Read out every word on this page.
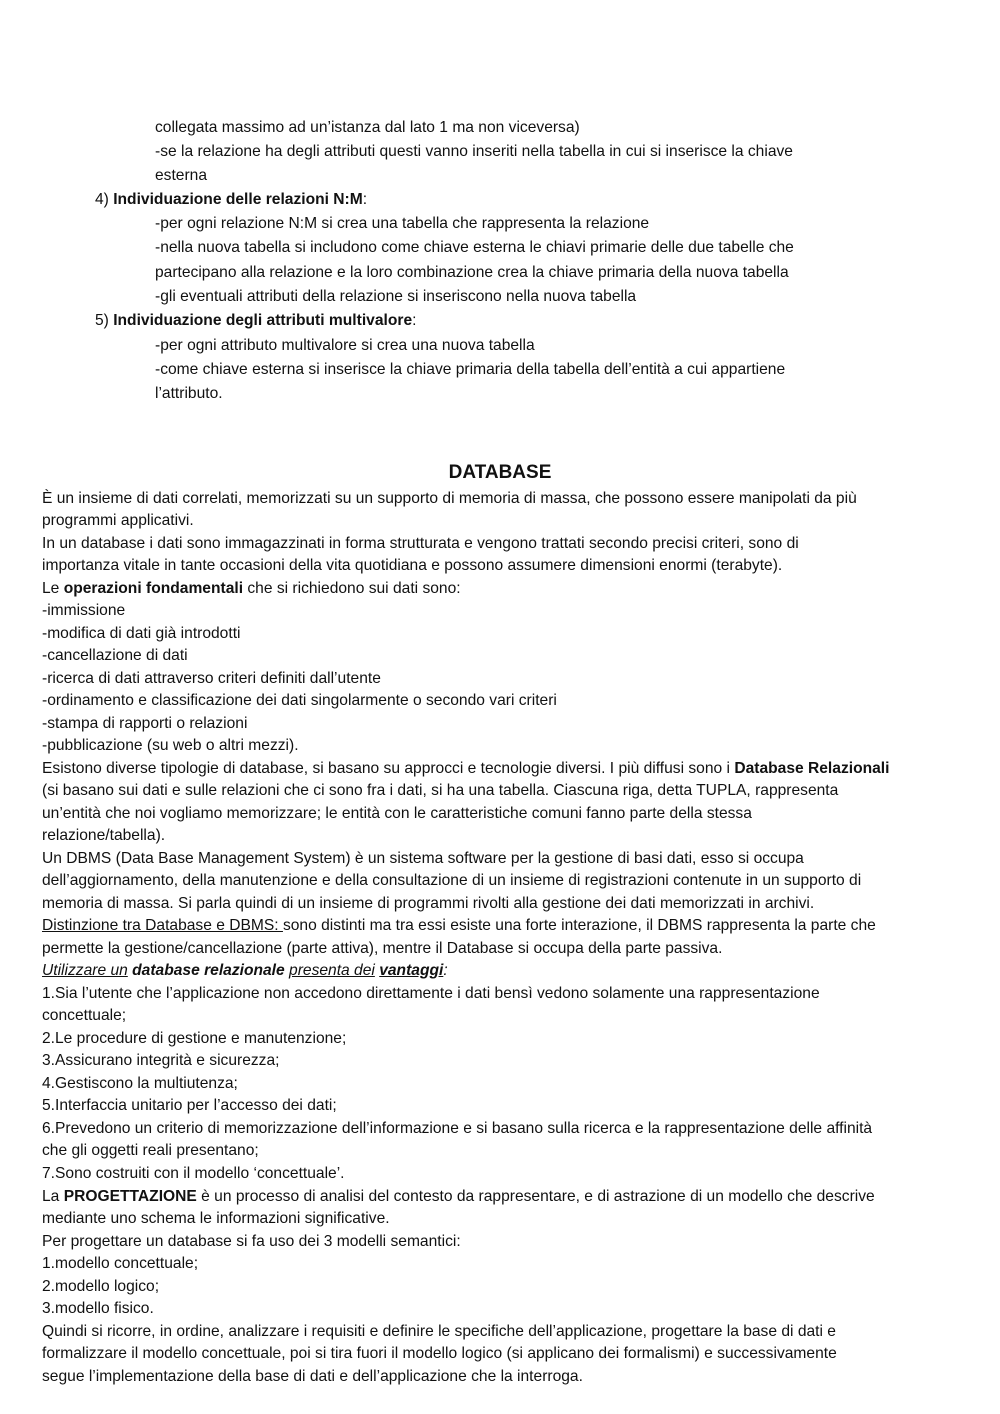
collegata massimo ad un’istanza dal lato 1 ma non viceversa)
-se la relazione ha degli attributi questi vanno inseriti nella tabella in cui si inserisce la chiave
esterna
4) Individuazione delle relazioni N:M:
-per ogni relazione N:M si crea una tabella che rappresenta la relazione
-nella nuova tabella si includono come chiave esterna le chiavi primarie delle due tabelle che
partecipano alla relazione e la loro combinazione crea la chiave primaria della nuova tabella
-gli eventuali attributi della relazione si inseriscono nella nuova tabella
5) Individuazione degli attributi multivalore:
-per ogni attributo multivalore si crea una nuova tabella
-come chiave esterna si inserisce la chiave primaria della tabella dell’entità a cui appartiene
l’attributo.
DATABASE
È un insieme di dati correlati, memorizzati su un supporto di memoria di massa, che possono essere manipolati da più
programmi applicativi.
In un database i dati sono immagazzinati in forma strutturata e vengono trattati secondo precisi criteri, sono di
importanza vitale in tante occasioni della vita quotidiana e possono assumere dimensioni enormi (terabyte).
Le operazioni fondamentali che si richiedono sui dati sono:
-immissione
-modifica di dati già introdotti
-cancellazione di dati
-ricerca di dati attraverso criteri definiti dall’utente
-ordinamento e classificazione dei dati singolarmente o secondo vari criteri
-stampa di rapporti o relazioni
-pubblicazione (su web o altri mezzi).
Esistono diverse tipologie di database, si basano su approcci e tecnologie diversi. I più diffusi sono i Database Relazionali
(si basano sui dati e sulle relazioni che ci sono fra i dati, si ha una tabella. Ciascuna riga, detta TUPLA, rappresenta
un’entità che noi vogliamo memorizzare; le entità con le caratteristiche comuni fanno parte della stessa
relazione/tabella).
Un DBMS (Data Base Management System) è un sistema software per la gestione di basi dati, esso si occupa
dell’aggiornamento, della manutenzione e della consultazione di un insieme di registrazioni contenute in un supporto di
memoria di massa. Si parla quindi di un insieme di programmi rivolti alla gestione dei dati memorizzati in archivi.
Distinzione tra Database e DBMS: sono distinti ma tra essi esiste una forte interazione, il DBMS rappresenta la parte che
permette la gestione/cancellazione (parte attiva), mentre il Database si occupa della parte passiva.
Utilizzare un database relazionale presenta dei vantaggi:
1.Sia l’utente che l’applicazione non accedono direttamente i dati bensì vedono solamente una rappresentazione
concettuale;
2.Le procedure di gestione e manutenzione;
3.Assicurano integrità e sicurezza;
4.Gestiscono la multiutenza;
5.Interfaccia unitario per l’accesso dei dati;
6.Prevedono un criterio di memorizzazione dell’informazione e si basano sulla ricerca e la rappresentazione delle affinità
che gli oggetti reali presentano;
7.Sono costruiti con il modello ‘concettuale’.
La PROGETTAZIONE è un processo di analisi del contesto da rappresentare, e di astrazione di un modello che descrive
mediante uno schema le informazioni significative.
Per progettare un database si fa uso dei 3 modelli semantici:
1.modello concettuale;
2.modello logico;
3.modello fisico.
Quindi si ricorre, in ordine, analizzare i requisiti e definire le specifiche dell’applicazione, progettare la base di dati e
formalizzare il modello concettuale, poi si tira fuori il modello logico (si applicano dei formalismi) e successivamente
segue l’implementazione della base di dati e dell’applicazione che la interroga.
